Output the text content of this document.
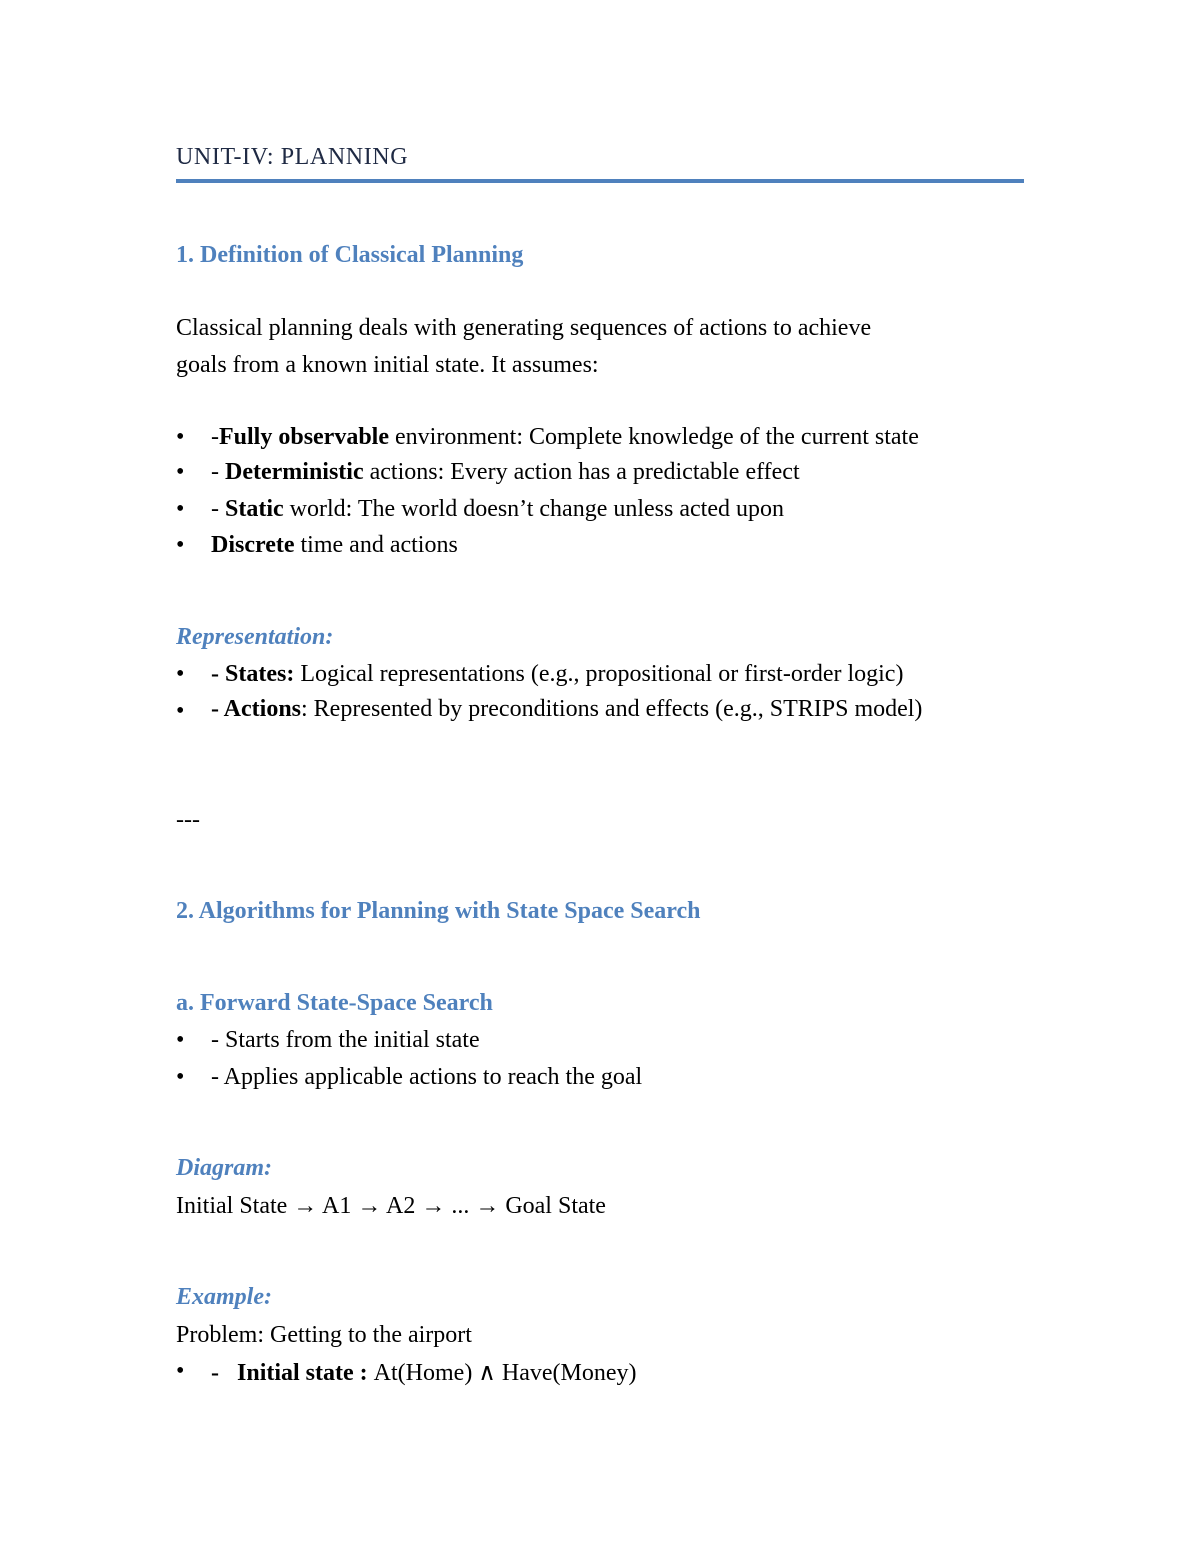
UNIT-IV: PLANNING
1. Definition of Classical Planning
Classical planning deals with generating sequences of actions to achieve
goals from a known initial state. It assumes:
•	-Fully observable environment: Complete knowledge of the current state
•	- Deterministic actions: Every action has a predictable effect
•	- Static world: The world doesn’t change unless acted upon
•	Discrete time and actions
Representation:
•	- States: Logical representations (e.g., propositional or first-order logic)
•	- Actions: Represented by preconditions and effects (e.g., STRIPS model)
---
2. Algorithms for Planning with State Space Search
a. Forward State-Space Search
•	- Starts from the initial state
•	- Applies applicable actions to reach the goal
Diagram:
Initial State → A1 → A2 → ... → Goal State
Example:
Problem: Getting to the airport
•	-   Initial state : At(Home) ∧ Have(Money)
